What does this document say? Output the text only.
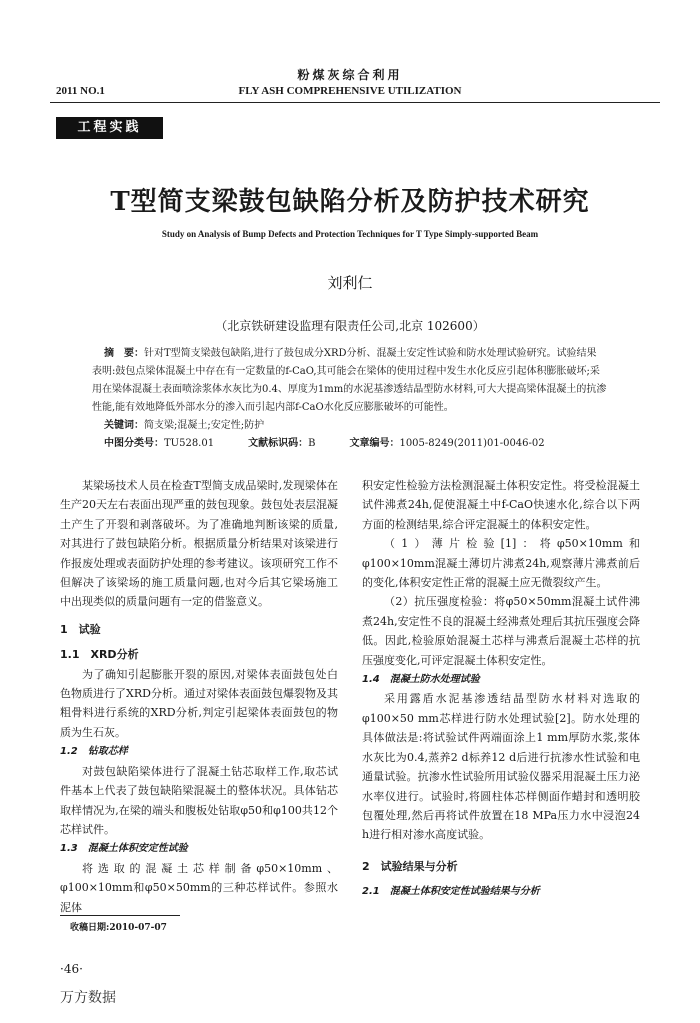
粉煤灰综合利用
2011 NO.1	FLY ASH COMPREHENSIVE UTILIZATION
工程实践
T型简支梁鼓包缺陷分析及防护技术研究
Study on Analysis of Bump Defects and Protection Techniques for T Type Simply-supported Beam
刘利仁
（北京铁研建设监理有限责任公司,北京 102600）

摘　要：针对T型简支梁鼓包缺陷,进行了鼓包成分XRD分析、混凝土安定性试验和防水处理试验研究。试验结果

表明:鼓包点梁体混凝土中存在有一定数量的f-CaO,其可能会在梁体的使用过程中发生水化反应引起体积膨胀破坏;采

用在梁体混凝土表面喷涂浆体水灰比为0.4、厚度为1mm的水泥基渗透结晶型防水材料,可大大提高梁体混凝土的抗渗

性能,能有效地降低外部水分的渗入而引起内部f-CaO水化反应膨胀破坏的可能性。

关键词：简支梁;混凝土;安定性;防护

中图分类号：TU528.01	文献标识码：B	文章编号：1005-8249(2011)01-0046-02

某梁场技术人员在检查T型简支成品梁时,发现梁体在生产20天左右表面出现严重的鼓包现象。鼓包处表层混凝土产生了开裂和剥落破坏。为了准确地判断该梁的质量,对其进行了鼓包缺陷分析。根据质量分析结果对该梁进行作报废处理或表面防护处理的参考建议。该项研究工作不但解决了该梁场的施工质量问题,也对今后其它梁场施工中出现类似的质量问题有一定的借鉴意义。

1　试验

1.1　XRD分析

为了确知引起膨胀开裂的原因,对梁体表面鼓包处白色物质进行了XRD分析。通过对梁体表面鼓包爆裂物及其粗骨料进行系统的XRD分析,判定引起梁体表面鼓包的物质为生石灰。

1.2　钻取芯样

对鼓包缺陷梁体进行了混凝土钻芯取样工作,取芯试件基本上代表了鼓包缺陷梁混凝土的整体状况。具体钻芯取样情况为,在梁的端头和腹板处钻取φ50和φ100共12个芯样试件。

1.3　混凝土体积安定性试验

将选取的混凝土芯样制备φ50×10mm、φ100×10mm和φ50×50mm的三种芯样试件。参照水泥体

积安定性检验方法检测混凝土体积安定性。将受检混凝土试件沸煮24h,促使混凝土中f-CaO快速水化,综合以下两方面的检测结果,综合评定混凝土的体积安定性。

（1）薄片检验[1]：将φ50×10mm和φ100×10mm混凝土薄切片沸煮24h,观察薄片沸煮前后的变化,体积安定性正常的混凝土应无微裂纹产生。

（2）抗压强度检验：将φ50×50mm混凝土试件沸煮24h,安定性不良的混凝土经沸煮处理后其抗压强度会降低。因此,检验原始混凝土芯样与沸煮后混凝土芯样的抗压强度变化,可评定混凝土体积安定性。

1.4　混凝土防水处理试验

采用露盾水泥基渗透结晶型防水材料对选取的φ100×50 mm芯样进行防水处理试验[2]。防水处理的具体做法是:将试验试件两端面涂上1 mm厚防水浆,浆体水灰比为0.4,蒸养2 d标养12 d后进行抗渗水性试验和电通量试验。抗渗水性试验所用试验仪器采用混凝土压力泌水率仪进行。试验时,将圆柱体芯样侧面作蜡封和透明胶包覆处理,然后再将试件放置在18 MPa压力水中浸泡24 h进行相对渗水高度试验。

2　试验结果与分析

2.1　混凝土体积安定性试验结果与分析

收稿日期:2010-07-07
·46·
万方数据
